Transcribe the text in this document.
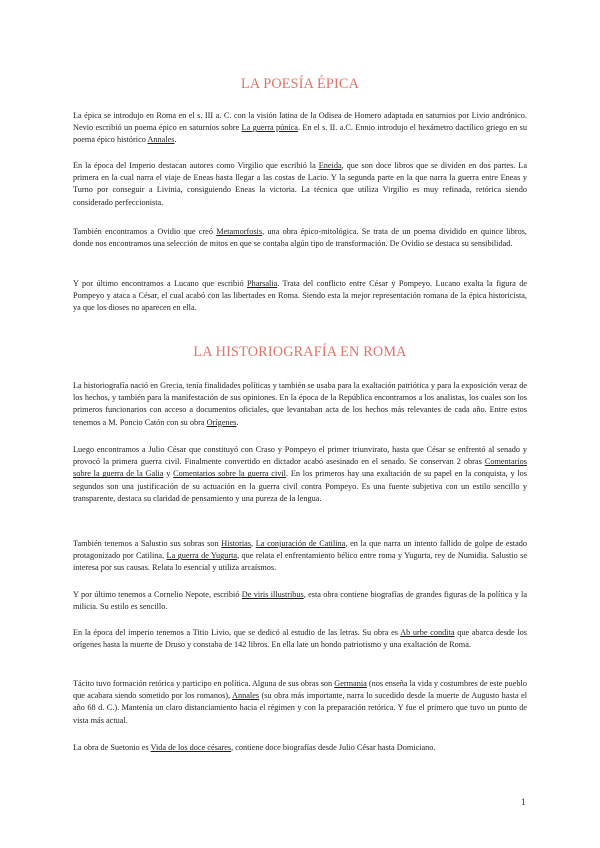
LA POESÍA ÉPICA

La épica se introdujo en Roma en el s. III a. C. con la visión latina de la Odisea de Homero adaptada en saturnios por Livio andrónico. Nevio escribió un poema épico en saturnios sobre La guerra púnica. En el s. II. a.C. Ennio introdujo el hexámetro dactílico griego en su poema épico histórico Annales.

En la época del Imperio destacan autores como Virgilio que escribió la Eneida, que son doce libros que se dividen en dos partes. La primera en la cual narra el viaje de Eneas hasta llegar a las costas de Lacio. Y la segunda parte en la que narra la guerra entre Eneas y Turno por conseguir a Livinia, consiguiendo Eneas la victoria. La técnica que utiliza Virgilio es muy refinada, retórica siendo considerado perfeccionista.

También encontramos a Ovidio que creó Metamorfosis, una obra épico-mitológica. Se trata de un poema dividido en quince libros, donde nos encontramos una selección de mitos en que se contaba algún tipo de transformación. De Ovidio se destaca su sensibilidad.

Y por último encontramos a Lucano que escribió Pharsalia. Trata del conflicto entre César y Pompeyo. Lucano exalta la figura de Pompeyo y ataca a César, el cual acabó con las libertades en Roma. Siendo esta la mejor representación romana de la épica historicista, ya que los dioses no aparecen en ella.

LA HISTORIOGRAFÍA EN ROMA

La historiografía nació en Grecia, tenía finalidades políticas y también se usaba para la exaltación patriótica y para la exposición veraz de los hechos, y también para la manifestación de sus opiniones. En la época de la República encontramos a los analistas, los cuales son los primeros funcionarios con acceso a documentos oficiales, que levantaban acta de los hechos más relevantes de cada año. Entre estos tenemos a M. Poncio Catón con su obra Orígenes.

Luego encontramos a Julio César que constituyó con Craso y Pompeyo el primer triunvirato, hasta que César se enfrentó al senado y provocó la primera guerra civil. Finalmente convertido en dictador acabó asesinado en el senado. Se conservan 2 obras Comentarios sobre la guerra de la Galia y Comentarios sobre la guerra civil. En los primeros hay una exaltación de su papel en la conquista, y los segundos son una justificación de su actuación en la guerra civil contra Pompeyo. Es una fuente subjetiva con un estilo sencillo y transparente, destaca su claridad de pensamiento y una pureza de la lengua.

También tenemos a Salustio sus sobras son Historias, La conjuración de Catilina, en la que narra un intento fallido de golpe de estado protagonizado por Catilina, La guerra de Yugurta, que relata el enfrentamiento bélico entre roma y Yugurta, rey de Numidia. Salustio se interesa por sus causas. Relata lo esencial y utiliza arcaísmos.

Y por último tenemos a Cornelio Nepote, escribió De viris illustribus, esta obra contiene biografías de grandes figuras de la política y la milicia. Su estilo es sencillo.

En la época del imperio tenemos a Titio Livio, que se dedicó al estudio de las letras. Su obra es Ab urbe condita que abarca desde los orígenes hasta la muerte de Druso y constaba de 142 libros. En ella late un hondo patriotismo y una exaltación de Roma.

Tácito tuvo formación retórica y participo en política. Alguna de sus obras son Germania (nos enseña la vida y costumbres de este pueblo que acabara siendo sometido por los romanos), Annales (su obra más importante, narra lo sucedido desde la muerte de Augusto hasta el año 68 d. C.). Mantenía un claro distanciamiento hacia el régimen y con la preparación retórica. Y fue el primero que tuvo un punto de vista más actual.

La obra de Suetonio es Vida de los doce césares, contiene doce biografías desde Julio César hasta Domiciano.

1
